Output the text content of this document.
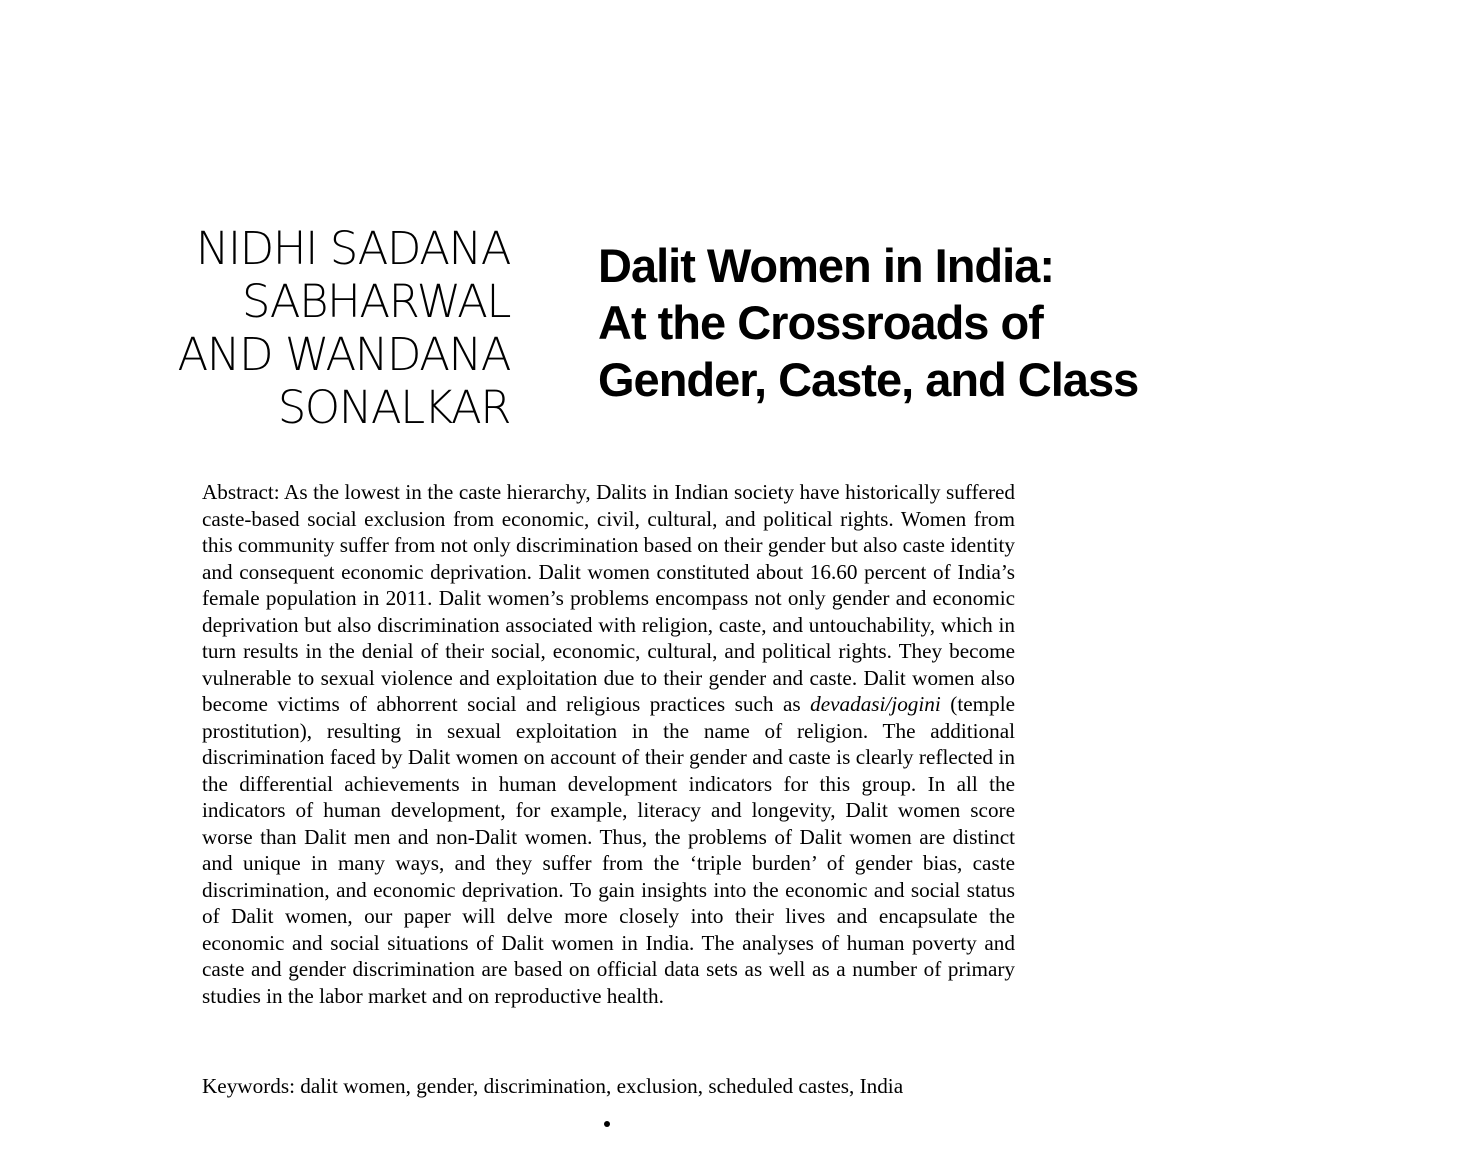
NIDHI SADANA
SABHARWAL
AND WANDANA
SONALKAR
Dalit Women in India:
At the Crossroads of
Gender, Caste, and Class

Abstract: As the lowest in the caste hierarchy, Dalits in Indian society have historically suffered caste-based social exclusion from economic, civil, cultural, and political rights. Women from this community suffer from not only discrimination based on their gender but also caste identity and consequent economic deprivation. Dalit women constituted about 16.60 percent of India’s female population in 2011. Dalit women’s problems encompass not only gender and economic deprivation but also discrimination associated with religion, caste, and untouchability, which in turn results in the denial of their social, economic, cultural, and political rights. They become vulnerable to sexual violence and exploitation due to their gender and caste. Dalit women also become victims of abhorrent social and religious practices such as devadasi/jogini (temple prostitution), resulting in sexual exploitation in the name of religion. The additional discrimination faced by Dalit women on account of their gender and caste is clearly reflected in the differential achievements in human development indicators for this group. In all the indicators of human development, for example, literacy and longevity, Dalit women score worse than Dalit men and non-Dalit women. Thus, the problems of Dalit women are distinct and unique in many ways, and they suffer from the ‘triple burden’ of gender bias, caste discrimination, and economic deprivation. To gain insights into the economic and social status of Dalit women, our paper will delve more closely into their lives and encapsulate the economic and social situations of Dalit women in India. The analyses of human poverty and caste and gender discrimination are based on official data sets as well as a number of primary studies in the labor market and on reproductive health.

Keywords: dalit women, gender, discrimination, exclusion, scheduled castes, India
